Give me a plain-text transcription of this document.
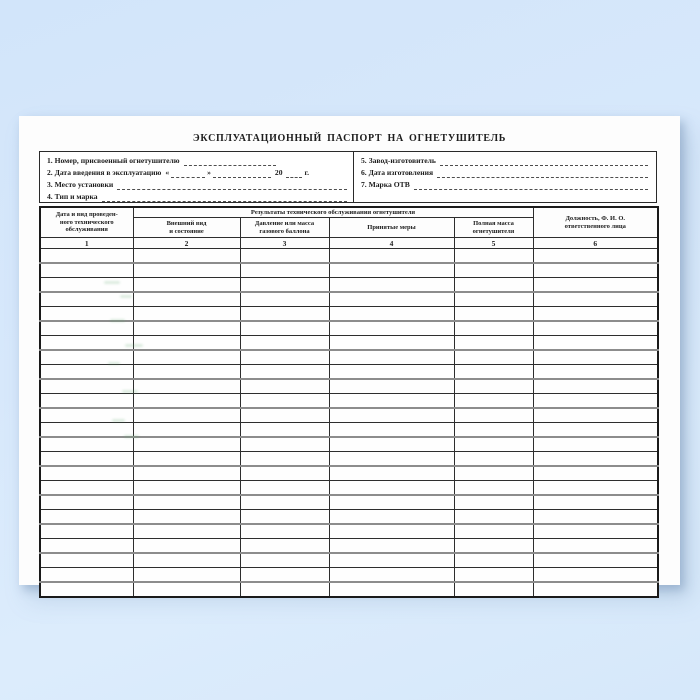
ЭКСПЛУАТАЦИОННЫЙ ПАСПОРТ НА ОГНЕТУШИТЕЛЬ
1. Номер, присвоенный огнетушителю
2. Дата введения в эксплуатацию «	»	20	г.
3. Место установки
4. Тип и марка
5. Завод-изготовитель
6. Дата изготовления
7. Марка ОТВ
Дата и вид проведен-
ного технического
обслуживания	Результаты технического обслуживания огнетушителя				Должность, Ф. И. О.
ответственного лица

	Внешний вид
и состояние	Давление или масса
газового баллона	Принятые меры	Полная масса
огнетушителя	

1	2	3	4	5	6
